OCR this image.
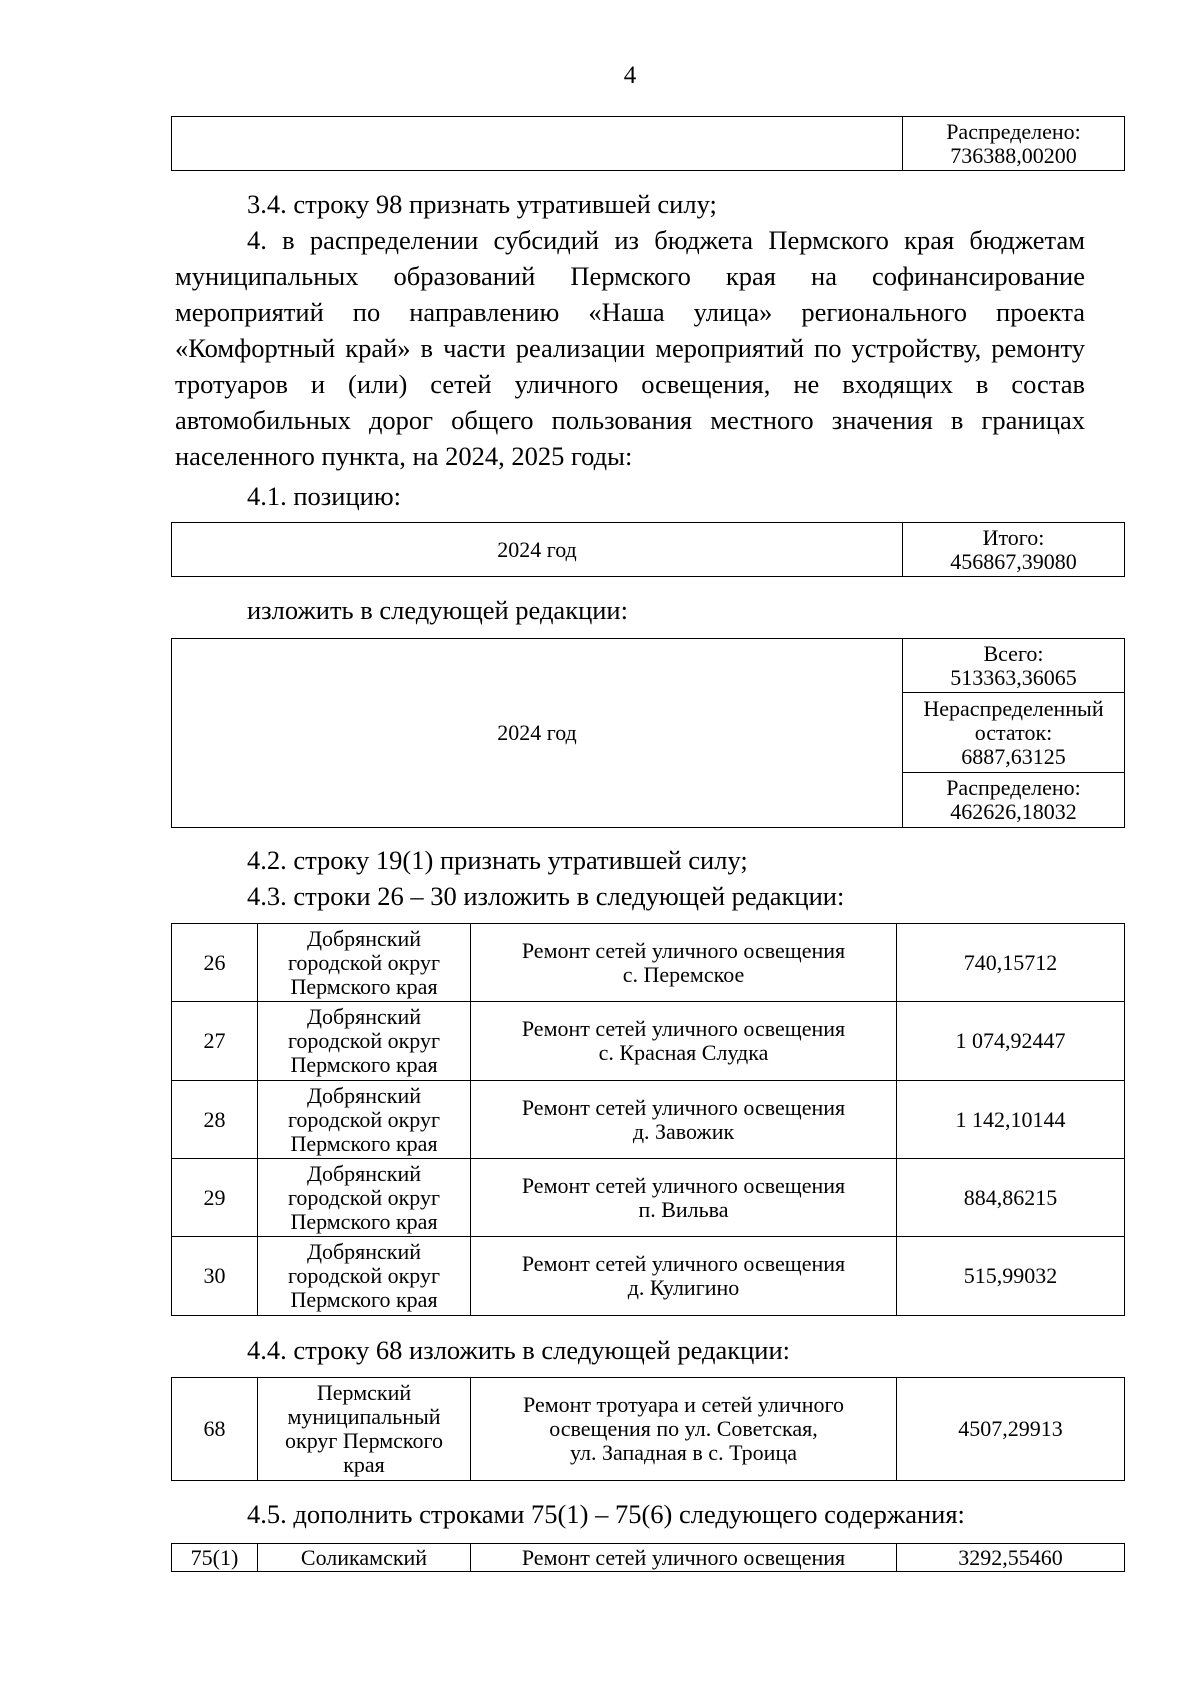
4
	Распределено:
736388,00200

3.4. строку 98 признать утратившей силу;

4. в распределении субсидий из бюджета Пермского края бюджетам муниципальных образований Пермского края на софинансирование мероприятий по направлению «Наша улица» регионального проекта «Комфортный край» в части реализации мероприятий по устройству, ремонту тротуаров и (или) сетей уличного освещения, не входящих в состав автомобильных дорог общего пользования местного значения в границах населенного пункта, на 2024, 2025 годы:

4.1. позицию:

2024 год	Итого:
456867,39080

изложить в следующей редакции:

2024 год	Всего:
513363,36065
Нераспределенный
остаток:
6887,63125
Распределено:
462626,18032

4.2. строку 19(1) признать утратившей силу;

4.3. строки 26 – 30 изложить в следующей редакции:

26	Добрянский
городской округ
Пермского края	Ремонт сетей уличного освещения
с. Перемское	740,15712
27	Добрянский
городской округ
Пермского края	Ремонт сетей уличного освещения
с. Красная Слудка	1 074,92447
28	Добрянский
городской округ
Пермского края	Ремонт сетей уличного освещения
д. Завожик	1 142,10144
29	Добрянский
городской округ
Пермского края	Ремонт сетей уличного освещения
п. Вильва	884,86215
30	Добрянский
городской округ
Пермского края	Ремонт сетей уличного освещения
д. Кулигино	515,99032

4.4. строку 68 изложить в следующей редакции:

68	Пермский
муниципальный
округ Пермского
края	Ремонт тротуара и сетей уличного
освещения по ул. Советская,
ул. Западная в с. Троица	4507,29913

4.5. дополнить строками 75(1) – 75(6) следующего содержания:

75(1)	Соликамский	Ремонт сетей уличного освещения	3292,55460
